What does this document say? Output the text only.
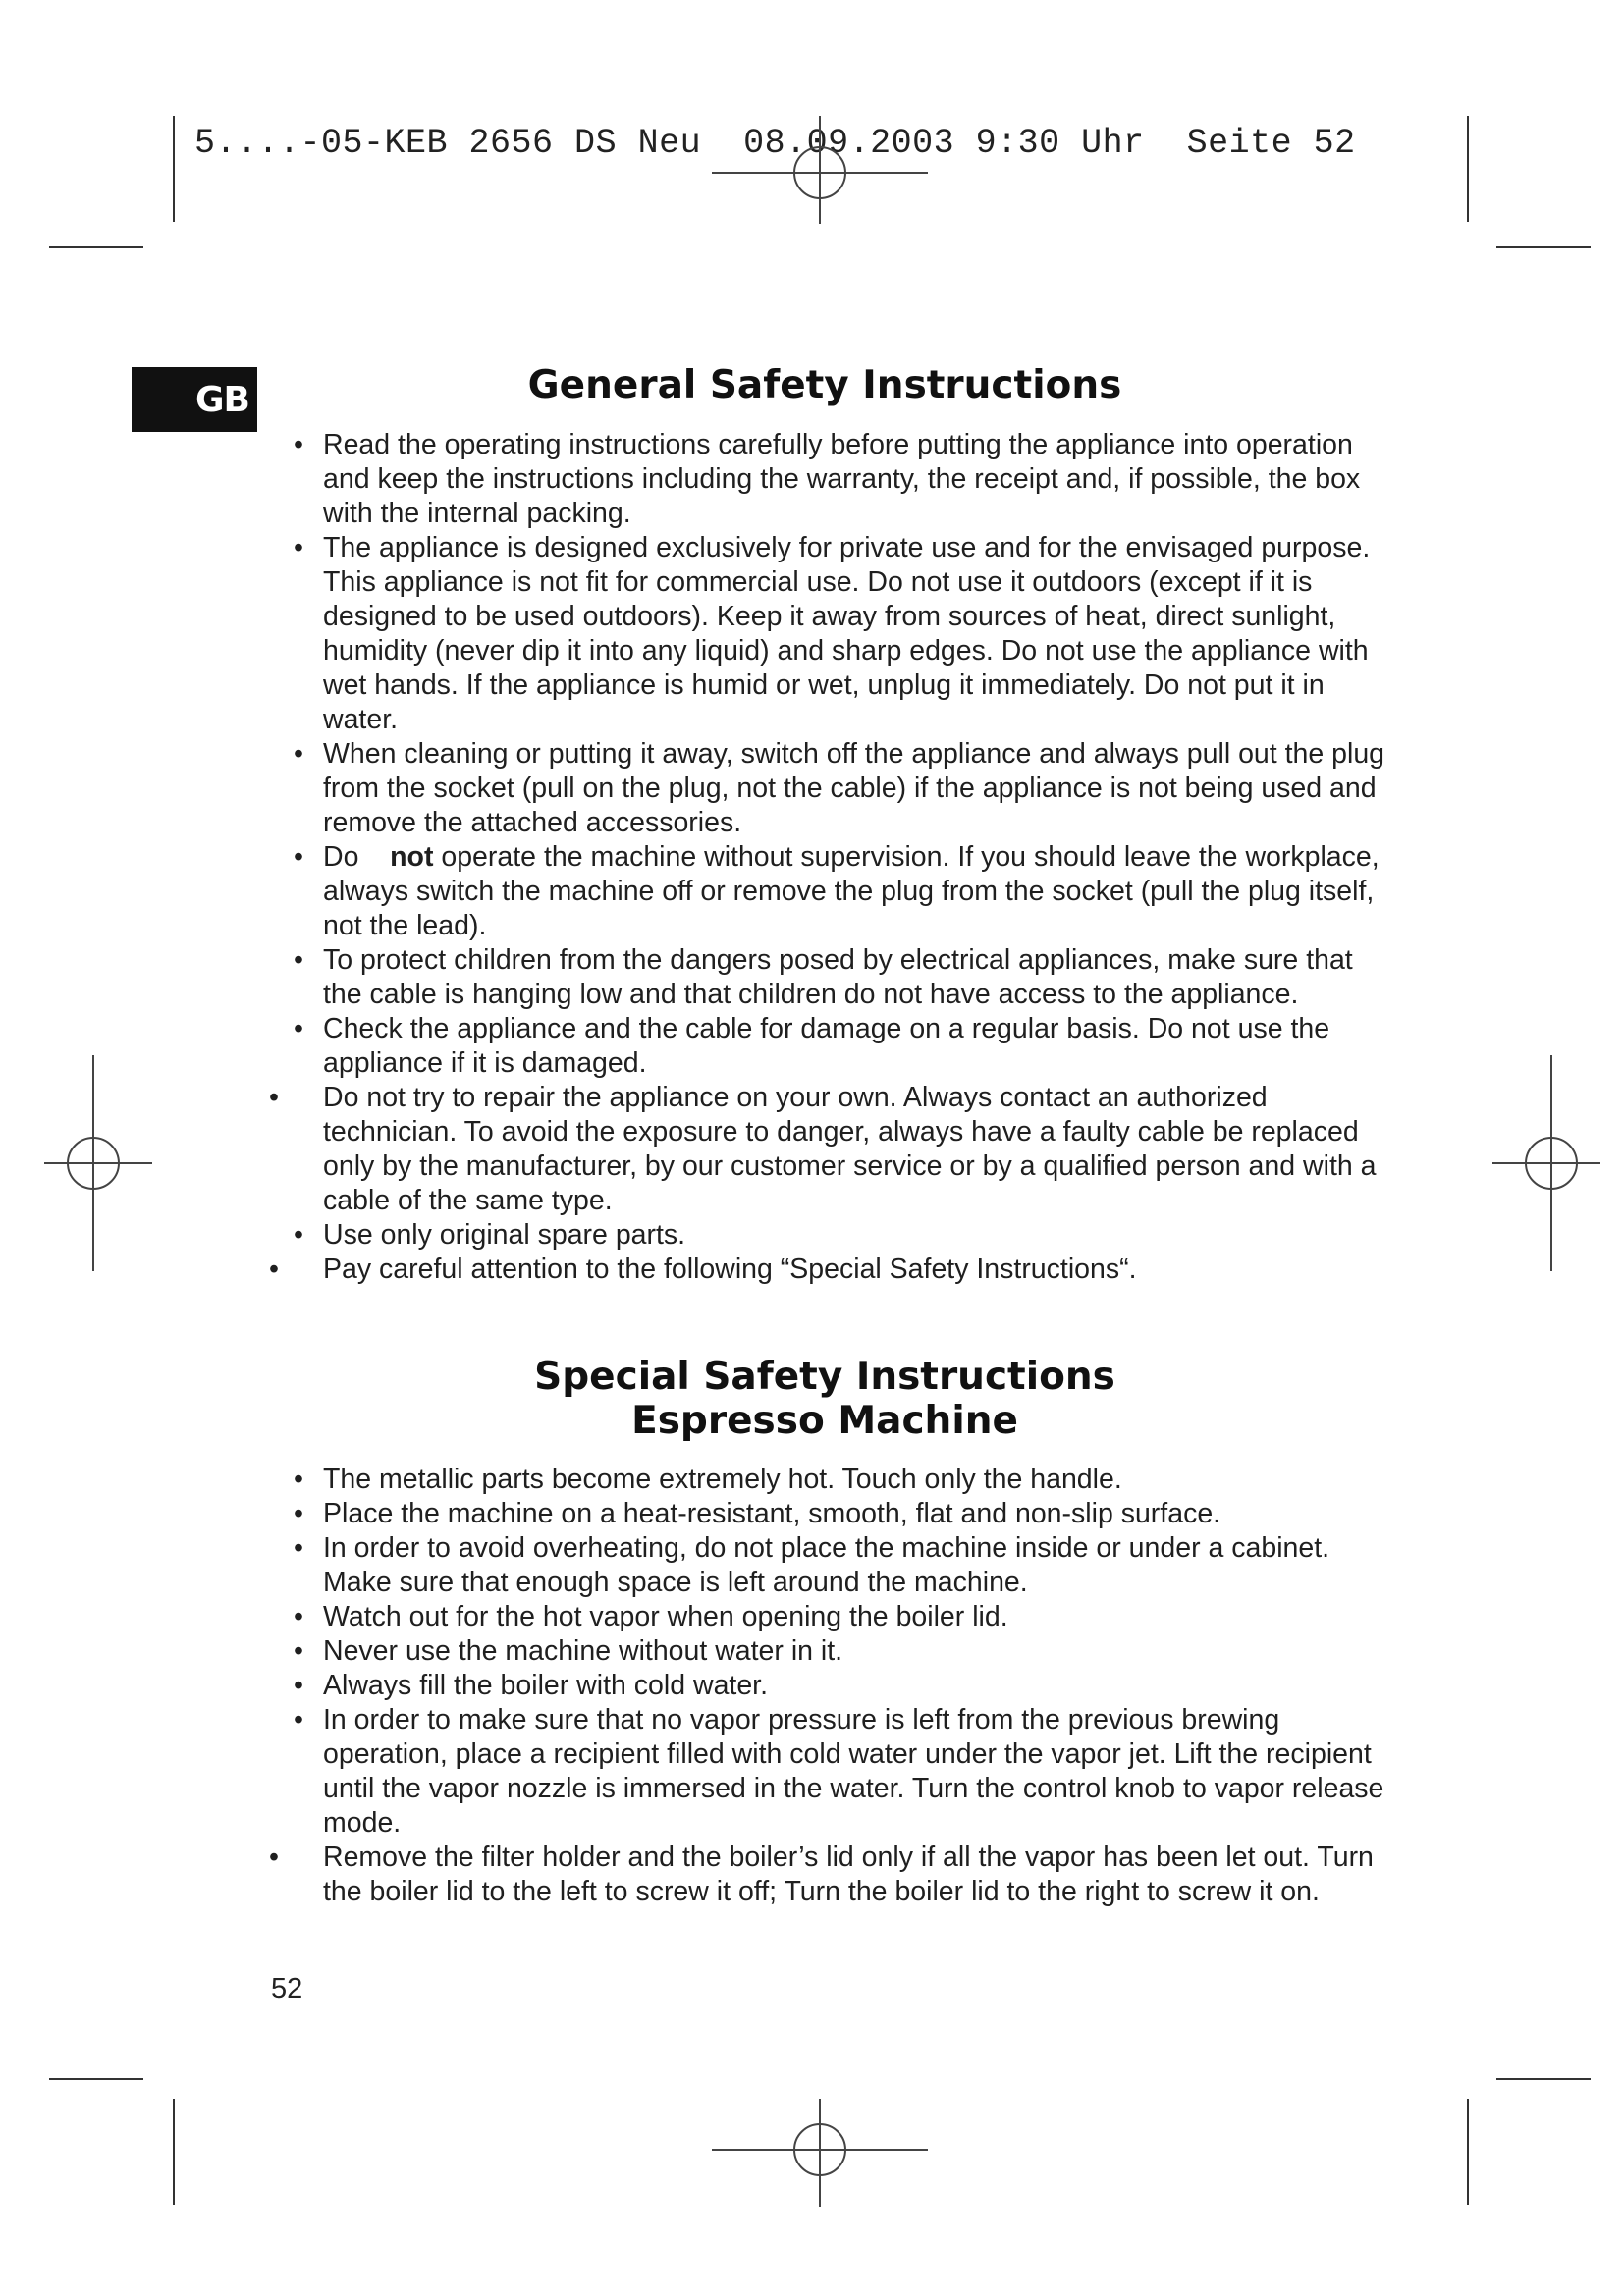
5....-05-KEB 2656 DS Neu  08.09.2003 9:30 Uhr  Seite 52
GB	General Safety Instructions
• Read the operating instructions carefully before putting the appliance into operation and keep the instructions including the warranty, the receipt and, if possible, the box with the internal packing.
• The appliance is designed exclusively for private use and for the envisaged purpose. This appliance is not fit for commercial use. Do not use it outdoors (except if it is designed to be used outdoors). Keep it away from sources of heat, direct sunlight, humidity (never dip it into any liquid) and sharp edges. Do not use the appliance with wet hands. If the appliance is humid or wet, unplug it immediately. Do not put it in water.
• When cleaning or putting it away, switch off the appliance and always pull out the plug from the socket (pull on the plug, not the cable) if the appliance is not being used and remove the attached accessories.
• Do not operate the machine without supervision. If you should leave the workplace, always switch the machine off or remove the plug from the socket (pull the plug itself, not the lead).
• To protect children from the dangers posed by electrical appliances, make sure that the cable is hanging low and that children do not have access to the appliance.
• Check the appliance and the cable for damage on a regular basis. Do not use the appliance if it is damaged.
• Do not try to repair the appliance on your own. Always contact an authorized technician. To avoid the exposure to danger, always have a faulty cable be replaced only by the manufacturer, by our customer service or by a qualified person and with a cable of the same type.
• Use only original spare parts.
• Pay careful attention to the following “Special Safety Instructions“.
Special Safety Instructions
Espresso Machine
• The metallic parts become extremely hot. Touch only the handle.
• Place the machine on a heat-resistant, smooth, flat and non-slip surface.
• In order to avoid overheating, do not place the machine inside or under a cabinet. Make sure that enough space is left around the machine.
• Watch out for the hot vapor when opening the boiler lid.
• Never use the machine without water in it.
• Always fill the boiler with cold water.
• In order to make sure that no vapor pressure is left from the previous brewing operation, place a recipient filled with cold water under the vapor jet. Lift the recipient until the vapor nozzle is immersed in the water. Turn the control knob to vapor release mode.
• Remove the filter holder and the boiler’s lid only if all the vapor has been let out. Turn the boiler lid to the left to screw it off; Turn the boiler lid to the right to screw it on.
52
